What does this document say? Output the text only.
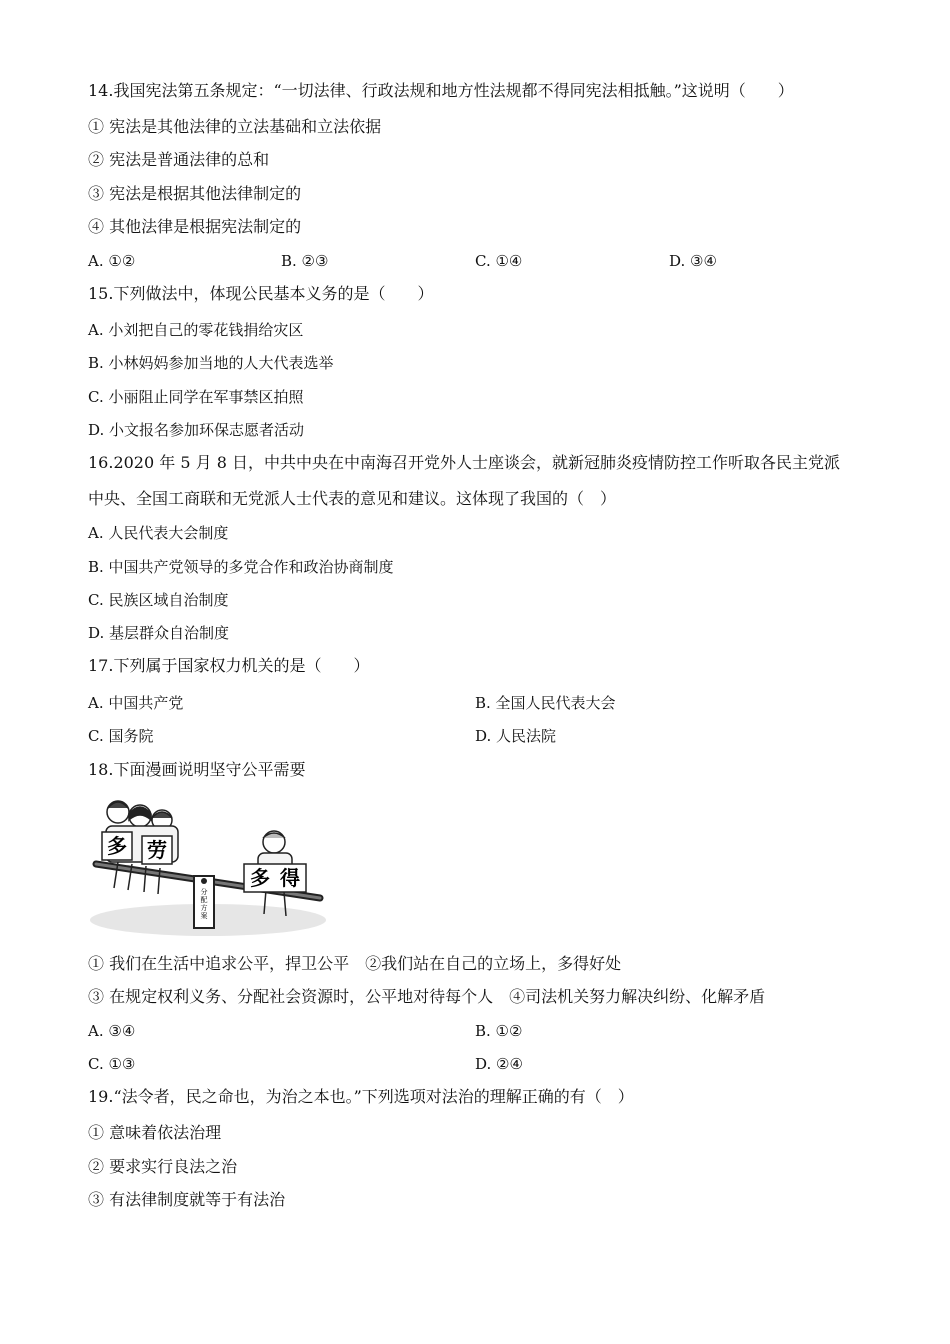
14.我国宪法第五条规定：“一切法律、行政法规和地方性法规都不得同宪法相抵触。”这说明（　　）
① 宪法是其他法律的立法基础和立法依据
② 宪法是普通法律的总和
③ 宪法是根据其他法律制定的
④ 其他法律是根据宪法制定的
A. ①②	B. ②③	C. ①④	D. ③④
15.下列做法中，体现公民基本义务的是（　　）
A. 小刘把自己的零花钱捐给灾区
B. 小林妈妈参加当地的人大代表选举
C. 小丽阻止同学在军事禁区拍照
D. 小文报名参加环保志愿者活动
16.2020 年 5 月 8 日，中共中央在中南海召开党外人士座谈会，就新冠肺炎疫情防控工作听取各民主党派
中央、全国工商联和无党派人士代表的意见和建议。这体现了我国的（　）
A. 人民代表大会制度
B. 中国共产党领导的多党合作和政治协商制度
C. 民族区域自治制度
D. 基层群众自治制度
17.下列属于国家权力机关的是（　　）
A. 中国共产党	B. 全国人民代表大会
C. 国务院	D. 人民法院
18.下面漫画说明坚守公平需要
分
配
方
案
多 劳
多 得
① 我们在生活中追求公平，捍卫公平　②我们站在自己的立场上，多得好处
③ 在规定权利义务、分配社会资源时，公平地对待每个人　④司法机关努力解决纠纷、化解矛盾
A. ③④	B. ①②
C. ①③	D. ②④
19.“法令者，民之命也，为治之本也。”下列选项对法治的理解正确的有（　）
① 意味着依法治理
② 要求实行良法之治
③ 有法律制度就等于有法治
